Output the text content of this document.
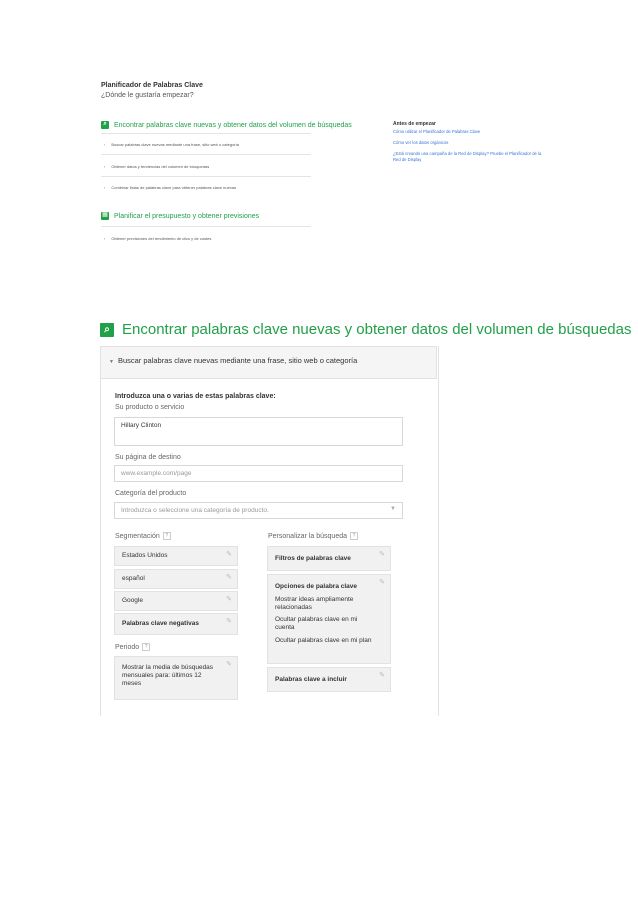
Planificador de Palabras Clave
¿Dónde le gustaría empezar?
⌕	Encontrar palabras clave nuevas y obtener datos del volumen de búsquedas
› Buscar palabras clave nuevas mediante una frase, sitio web o categoría
› Obtener datos y tendencias del volumen de búsquedas
› Combinar listas de palabras clave para obtener palabras clave nuevas
▦ Planificar el presupuesto y obtener previsiones
› Obtener previsiones del rendimiento de clics y de costes
Antes de empezar
Cómo utilizar el Planificador de Palabras Clave
Cómo ver los datos orgánicos
¿Está creando una campaña de la Red de Display? Pruebe el Planificador de la Red de Display
⌕ Encontrar palabras clave nuevas y obtener datos del volumen de búsquedas
▼ Buscar palabras clave nuevas mediante una frase, sitio web o categoría
Introduzca una o varias de estas palabras clave:
Su producto o servicio
Hillary Clinton
Su página de destino
www.example.com/page
Categoría del producto
Introduzca o seleccione una categoría de producto.	▼
Segmentación ?
Estados Unidos	✎
español	✎
Google	✎
Palabras clave negativas	✎
Periodo ?
Mostrar la media de búsquedas mensuales para: últimos 12 meses
✎
Personalizar la búsqueda ?
Filtros de palabras clave
✎
Opciones de palabra clave
Mostrar ideas ampliamente relacionadas
Ocultar palabras clave en mi cuenta
Ocultar palabras clave en mi plan
✎
Palabras clave a incluir
✎
